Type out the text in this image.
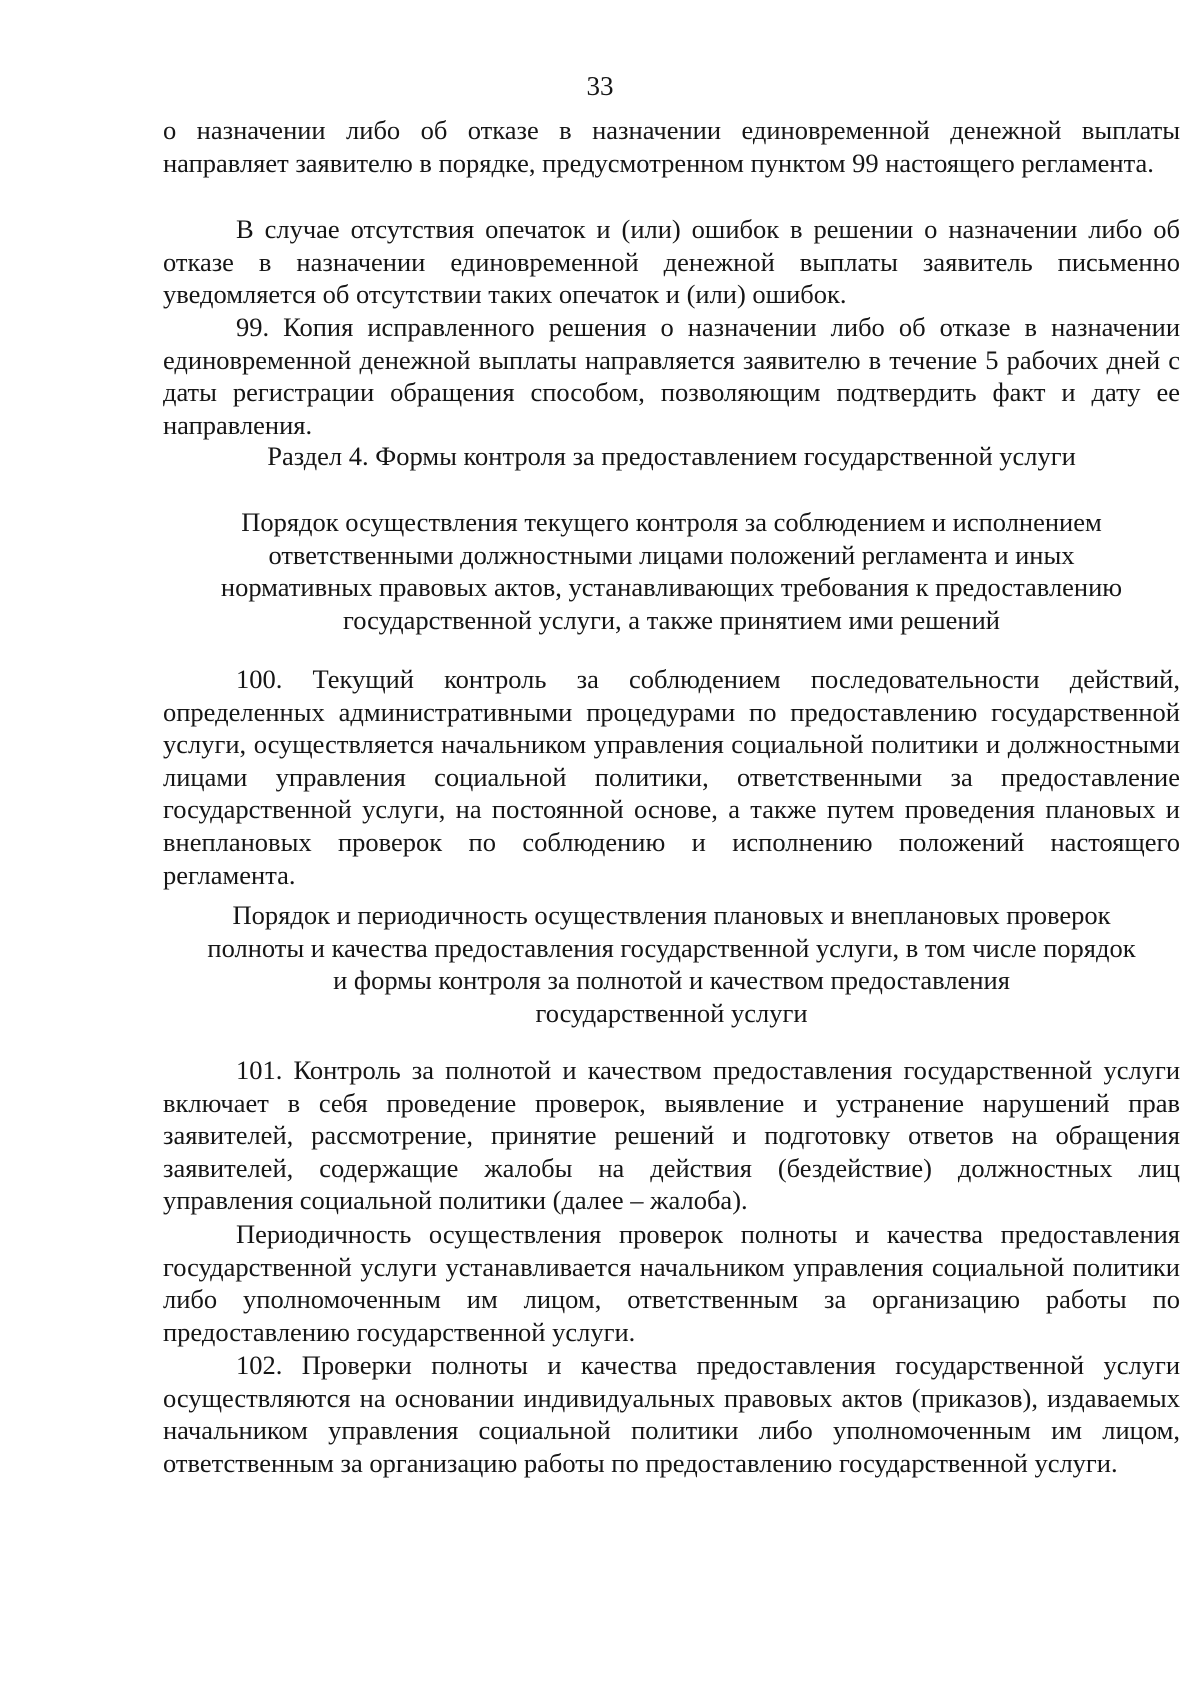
33

о назначении либо об отказе в назначении единовременной денежной выплаты направляет заявителю в порядке, предусмотренном пунктом 99 настоящего регламента.

В случае отсутствия опечаток и (или) ошибок в решении о назначении либо об отказе в назначении единовременной денежной выплаты заявитель письменно уведомляется об отсутствии таких опечаток и (или) ошибок.

99. Копия исправленного решения о назначении либо об отказе в назначении единовременной денежной выплаты направляется заявителю в течение 5 рабочих дней с даты регистрации обращения способом, позволяющим подтвердить факт и дату ее направления.

Раздел 4. Формы контроля за предоставлением государственной услуги
Порядок осуществления текущего контроля за соблюдением и исполнением
ответственными должностными лицами положений регламента и иных
нормативных правовых актов, устанавливающих требования к предоставлению
государственной услуги, а также принятием ими решений

100. Текущий контроль за соблюдением последовательности действий, определенных административными процедурами по предоставлению государственной услуги, осуществляется начальником управления социальной политики и должностными лицами управления социальной политики, ответственными за предоставление государственной услуги, на постоянной основе, а также путем проведения плановых и внеплановых проверок по соблюдению и исполнению положений настоящего регламента.

Порядок и периодичность осуществления плановых и внеплановых проверок
полноты и качества предоставления государственной услуги, в том числе порядок
и формы контроля за полнотой и качеством предоставления
государственной услуги

101. Контроль за полнотой и качеством предоставления государственной услуги включает в себя проведение проверок, выявление и устранение нарушений прав заявителей, рассмотрение, принятие решений и подготовку ответов на обращения заявителей, содержащие жалобы на действия (бездействие) должностных лиц управления социальной политики (далее – жалоба).

Периодичность осуществления проверок полноты и качества предоставления государственной услуги устанавливается начальником управления социальной политики либо уполномоченным им лицом, ответственным за организацию работы по предоставлению государственной услуги.

102. Проверки полноты и качества предоставления государственной услуги осуществляются на основании индивидуальных правовых актов (приказов), издаваемых начальником управления социальной политики либо уполномоченным им лицом, ответственным за организацию работы по предоставлению государственной услуги.
